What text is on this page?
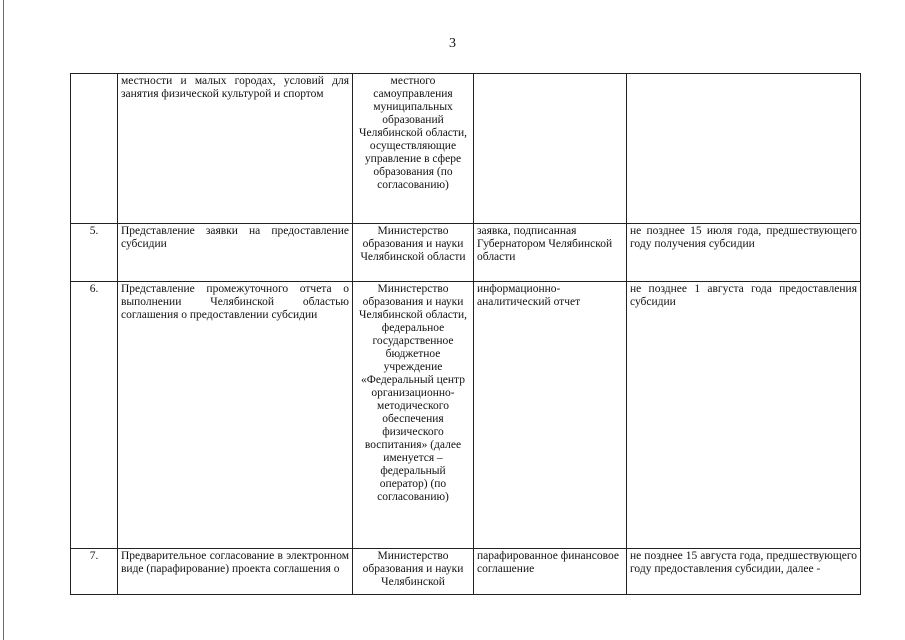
3
	местности и малых городах, условий для занятия физической культурой и спортом	местного самоуправления муниципальных образований Челябинской области, осуществляющие управление в сфере образования (по согласованию)		
5.	Представление заявки на предоставление субсидии	Министерство образования и науки Челябинской области	заявка, подписанная Губернатором Челябинской области	не позднее 15 июля года, предшествующего году получения субсидии
6.	Представление промежуточного отчета о выполнении Челябинской областью соглашения о предоставлении субсидии	Министерство образования и науки Челябинской области, федеральное государственное бюджетное учреждение «Федеральный центр организационно-методического обеспечения физического воспитания» (далее именуется – федеральный оператор) (по согласованию)	информационно-аналитический отчет	не позднее 1 августа года предоставления субсидии
7.	Предварительное согласование в электронном виде (парафирование) проекта соглашения о	Министерство образования и науки Челябинской	парафированное финансовое соглашение	не позднее 15 августа года, предшествующего году предоставления субсидии, далее -
